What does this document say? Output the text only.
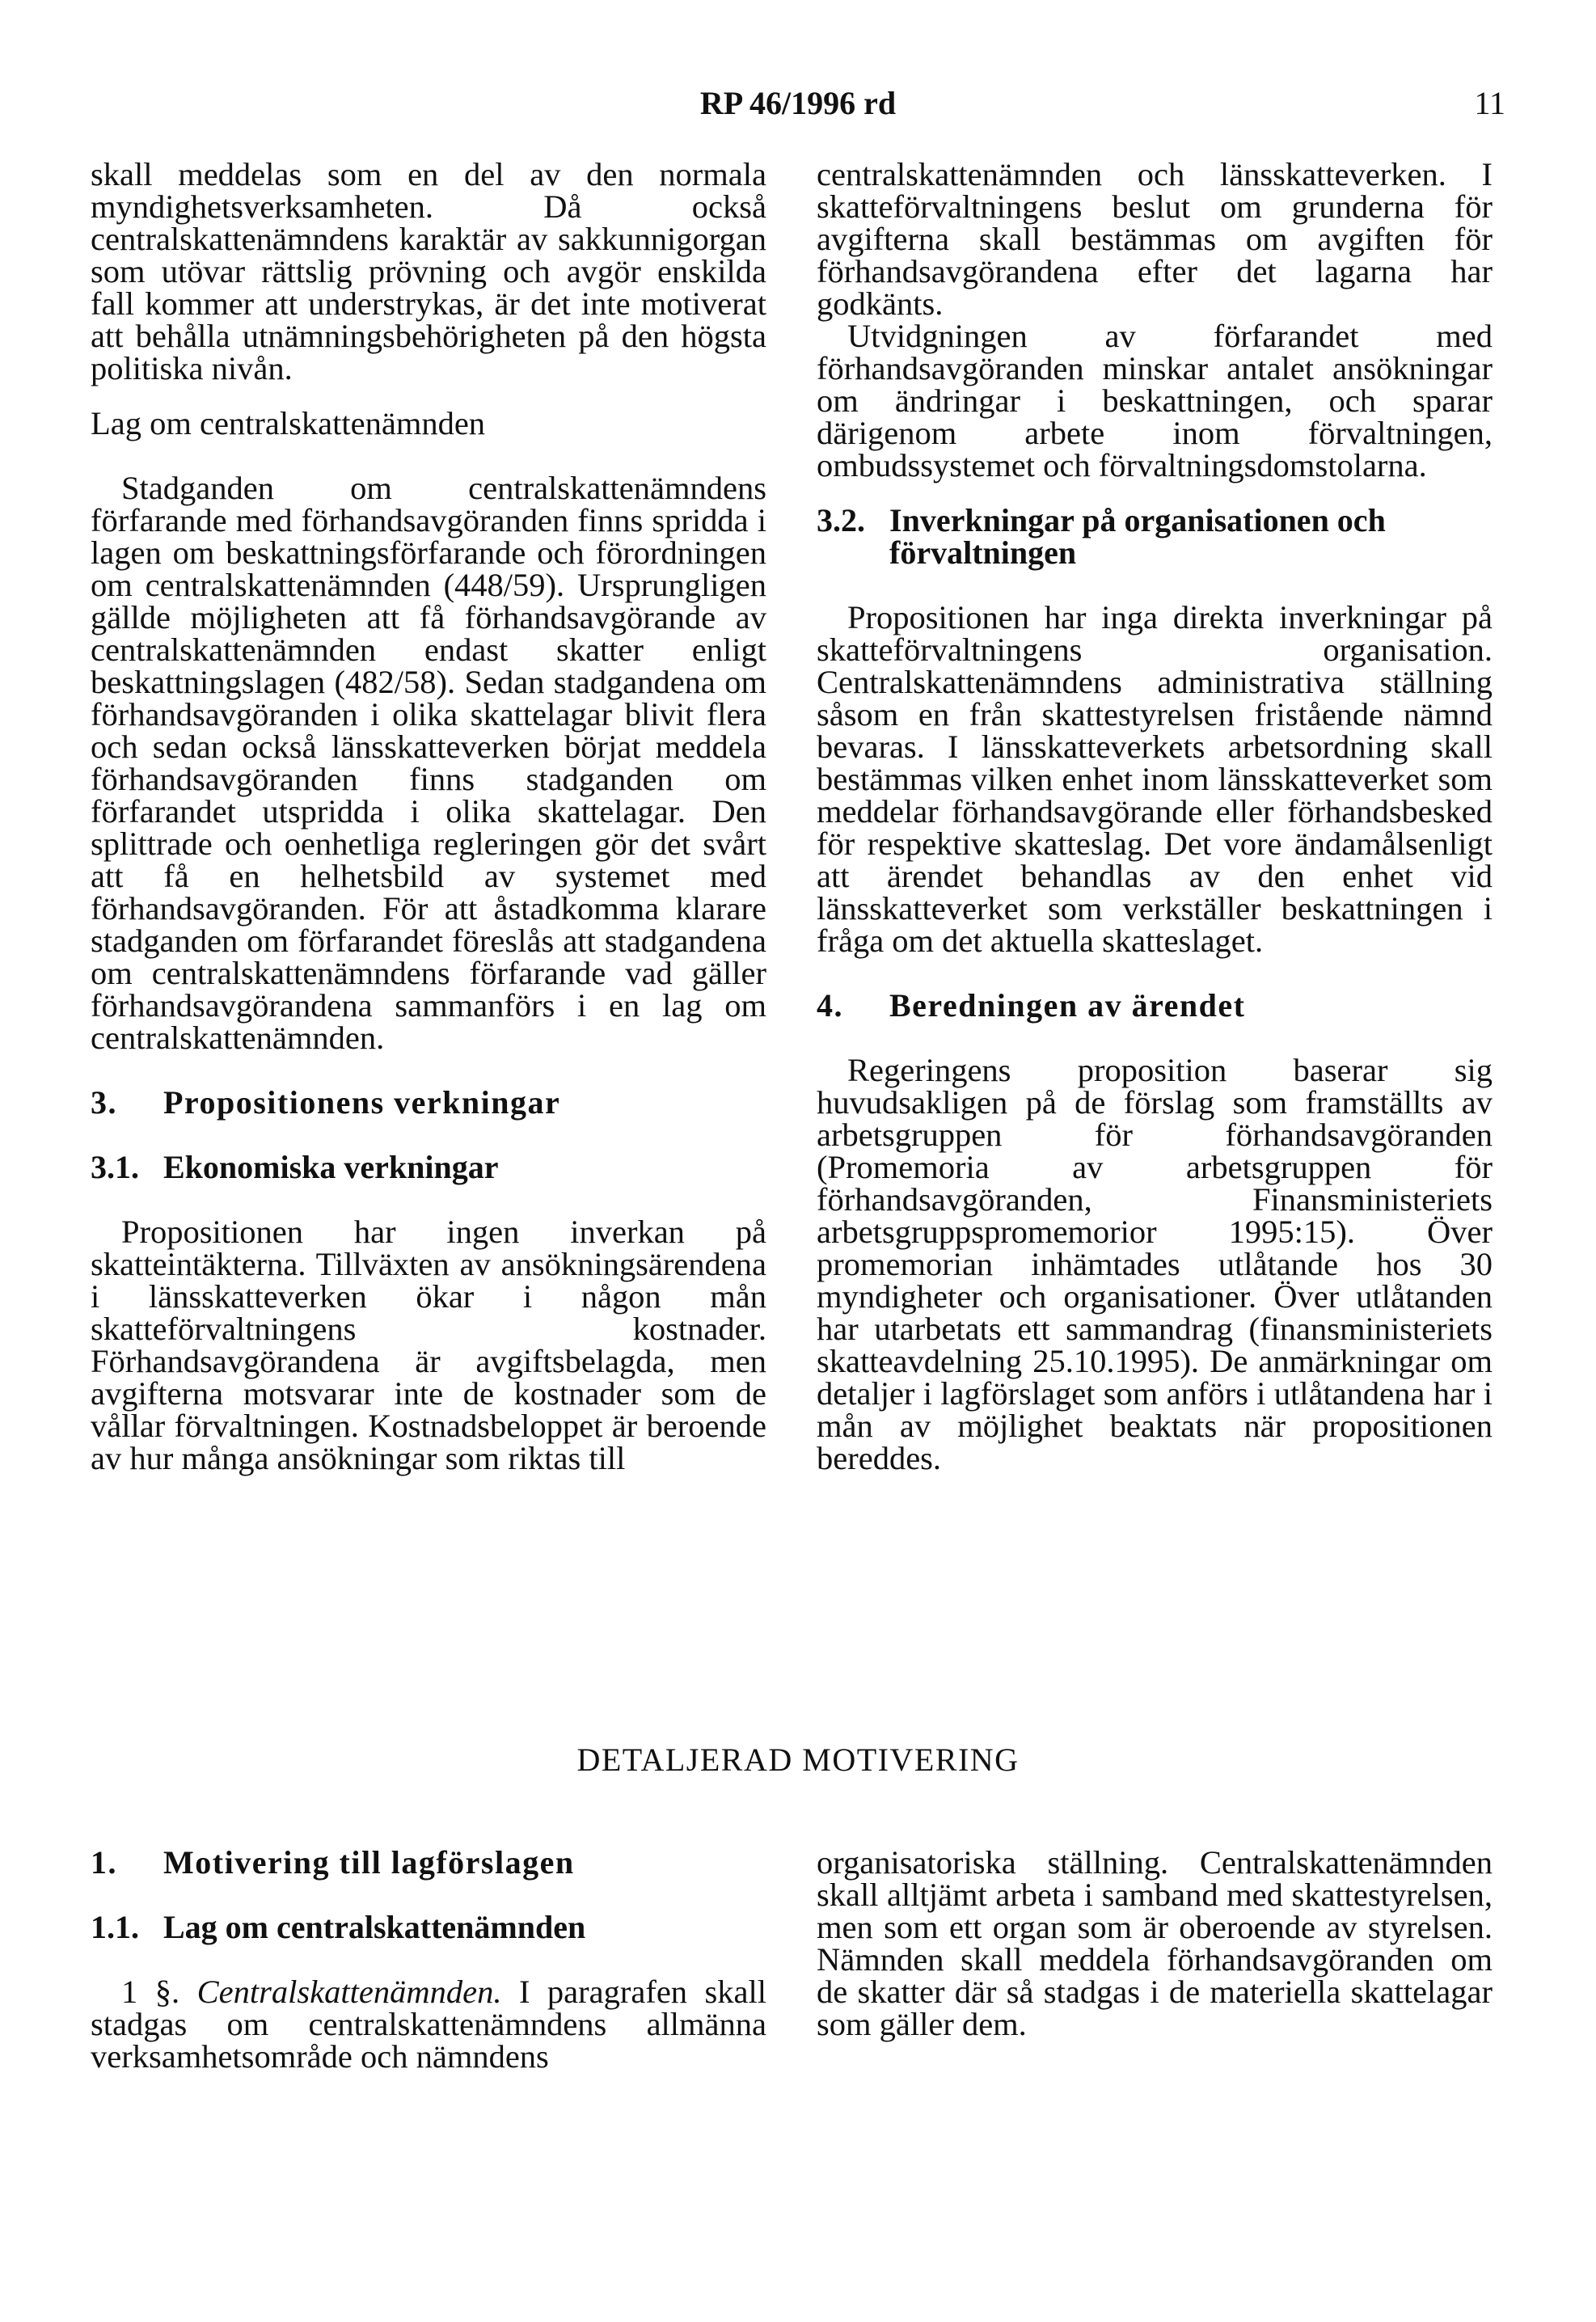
RP 46/1996 rd	11

skall meddelas som en del av den normala myndighetsverksamheten. Då också centralskattenämndens karaktär av sakkunnigorgan som utövar rättslig prövning och avgör enskilda fall kommer att understrykas, är det inte motiverat att behålla utnämningsbehörigheten på den högsta politiska nivån.

Lag om centralskattenämnden

Stadganden om centralskattenämndens förfarande med förhandsavgöranden finns spridda i lagen om beskattningsförfarande och förordningen om centralskattenämnden (448/59). Ursprungligen gällde möjligheten att få förhandsavgörande av centralskattenämnden endast skatter enligt beskattningslagen (482/58). Sedan stadgandena om förhandsavgöranden i olika skattelagar blivit flera och sedan också länsskatteverken börjat meddela förhandsavgöranden finns stadganden om förfarandet utspridda i olika skattelagar. Den splittrade och oenhetliga regleringen gör det svårt att få en helhetsbild av systemet med förhandsavgöranden. För att åstadkomma klarare stadganden om förfarandet föreslås att stadgandena om centralskattenämndens förfarande vad gäller förhandsavgörandena sammanförs i en lag om centralskattenämnden.

3.	Propositionens verkningar
3.1. Ekonomiska verkningar

Propositionen har ingen inverkan på skatteintäkterna. Tillväxten av ansökningsärendena i länsskatteverken ökar i någon mån skatteförvaltningens kostnader. Förhandsavgörandena är avgiftsbelagda, men avgifterna motsvarar inte de kostnader som de vållar förvaltningen. Kostnadsbeloppet är beroende av hur många ansökningar som riktas till

centralskattenämnden och länsskatteverken. I skatteförvaltningens beslut om grunderna för avgifterna skall bestämmas om avgiften för förhandsavgörandena efter det lagarna har godkänts.

Utvidgningen av förfarandet med förhandsavgöranden minskar antalet ansökningar om ändringar i beskattningen, och sparar därigenom arbete inom förvaltningen, ombudssystemet och förvaltningsdomstolarna.

3.2. Inverkningar på organisationen och förvaltningen

Propositionen har inga direkta inverkningar på skatteförvaltningens organisation. Centralskattenämndens administrativa ställning såsom en från skattestyrelsen fristående nämnd bevaras. I länsskatteverkets arbetsordning skall bestämmas vilken enhet inom länsskatteverket som meddelar förhandsavgörande eller förhandsbesked för respektive skatteslag. Det vore ändamålsenligt att ärendet behandlas av den enhet vid länsskatteverket som verkställer beskattningen i fråga om det aktuella skatteslaget.

4.	Beredningen av ärendet

Regeringens proposition baserar sig huvudsakligen på de förslag som framställts av arbetsgruppen för förhandsavgöranden (Promemoria av arbetsgruppen för förhandsavgöranden, Finansministeriets arbetsgruppspromemorior 1995:15). Över promemorian inhämtades utlåtande hos 30 myndigheter och organisationer. Över utlåtanden har utarbetats ett sammandrag (finansministeriets skatteavdelning 25.10.1995). De anmärkningar om detaljer i lagförslaget som anförs i utlåtandena har i mån av möjlighet beaktats när propositionen bereddes.

DETALJERAD MOTIVERING
1.	Motivering till lagförslagen
1.1. Lag om centralskattenämnden

1 §. Centralskattenämnden. I paragrafen skall stadgas om centralskattenämndens allmänna verksamhetsområde och nämndens

organisatoriska ställning. Centralskattenämnden skall alltjämt arbeta i samband med skattestyrelsen, men som ett organ som är oberoende av styrelsen. Nämnden skall meddela förhandsavgöranden om de skatter där så stadgas i de materiella skattelagar som gäller dem.
